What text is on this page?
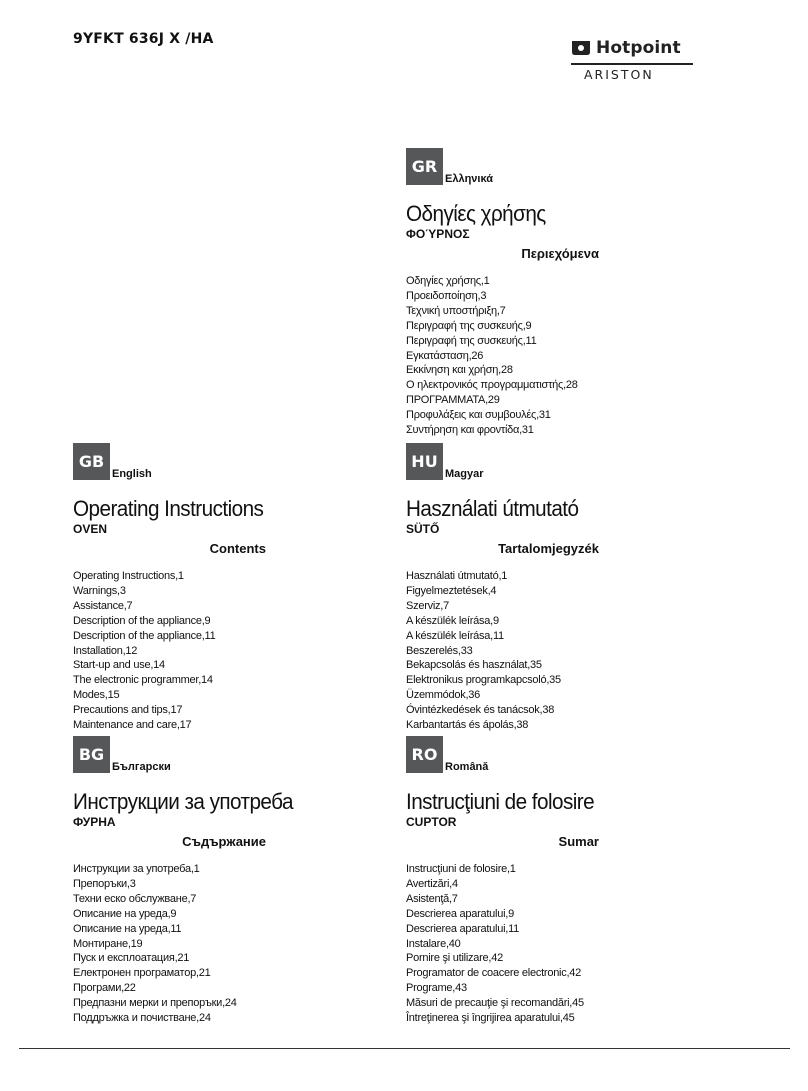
9YFKT 636J X /HA	Hotpoint
ARISTON
GR
Ελληνικά
Οδηγίες χρήσης
ΦΟΎΡΝΟΣ
Περιεχόμενα
Οδηγίες χρήσης,1
Προειδοποίηση,3
Τεχνική υποστήριξη,7
Περιγραφή της συσκευής,9
Περιγραφή της συσκευής,11
Εγκατάσταση,26
Εκκίνηση και χρήση,28
Ο ηλεκτρονικός προγραμματιστής,28
ΠΡΟΓΡΑΜΜΑΤΑ,29
Προφυλάξεις και συμβουλές,31
Συντήρηση και φροντίδα,31
GB
English
Operating Instructions
OVEN
Contents
Operating Instructions,1
Warnings,3
Assistance,7
Description of the appliance,9
Description of the appliance,11
Installation,12
Start-up and use,14
The electronic programmer,14
Modes,15
Precautions and tips,17
Maintenance and care,17
HU
Magyar
Használati útmutató
SÜTŐ
Tartalomjegyzék
Használati útmutató,1
Figyelmeztetések,4
Szerviz,7
A készülék leírása,9
A készülék leírása,11
Beszerelés,33
Bekapcsolás és használat,35
Elektronikus programkapcsoló,35
Üzemmódok,36
Óvintézkedések és tanácsok,38
Karbantartás és ápolás,38
BG
Български
Инструкции за употреба
ФУРНА
Съдържание
Инструкции за употреба,1
Препоръки,3
Техни еско обслужване,7
Описание на уреда,9
Описание на уреда,11
Монтиране,19
Пуск и експлоатация,21
Електронен програматор,21
Програми,22
Предпазни мерки и препоръки,24
Поддръжка и почистване,24
RO
Română
Instrucţiuni de folosire
CUPTOR
Sumar
Instrucţiuni de folosire,1
Avertizări,4
Asistenţă,7
Descrierea aparatului,9
Descrierea aparatului,11
Instalare,40
Pornire şi utilizare,42
Programator de coacere electronic,42
Programe,43
Măsuri de precauţie şi recomandări,45
Întreţinerea şi îngrijirea aparatului,45
